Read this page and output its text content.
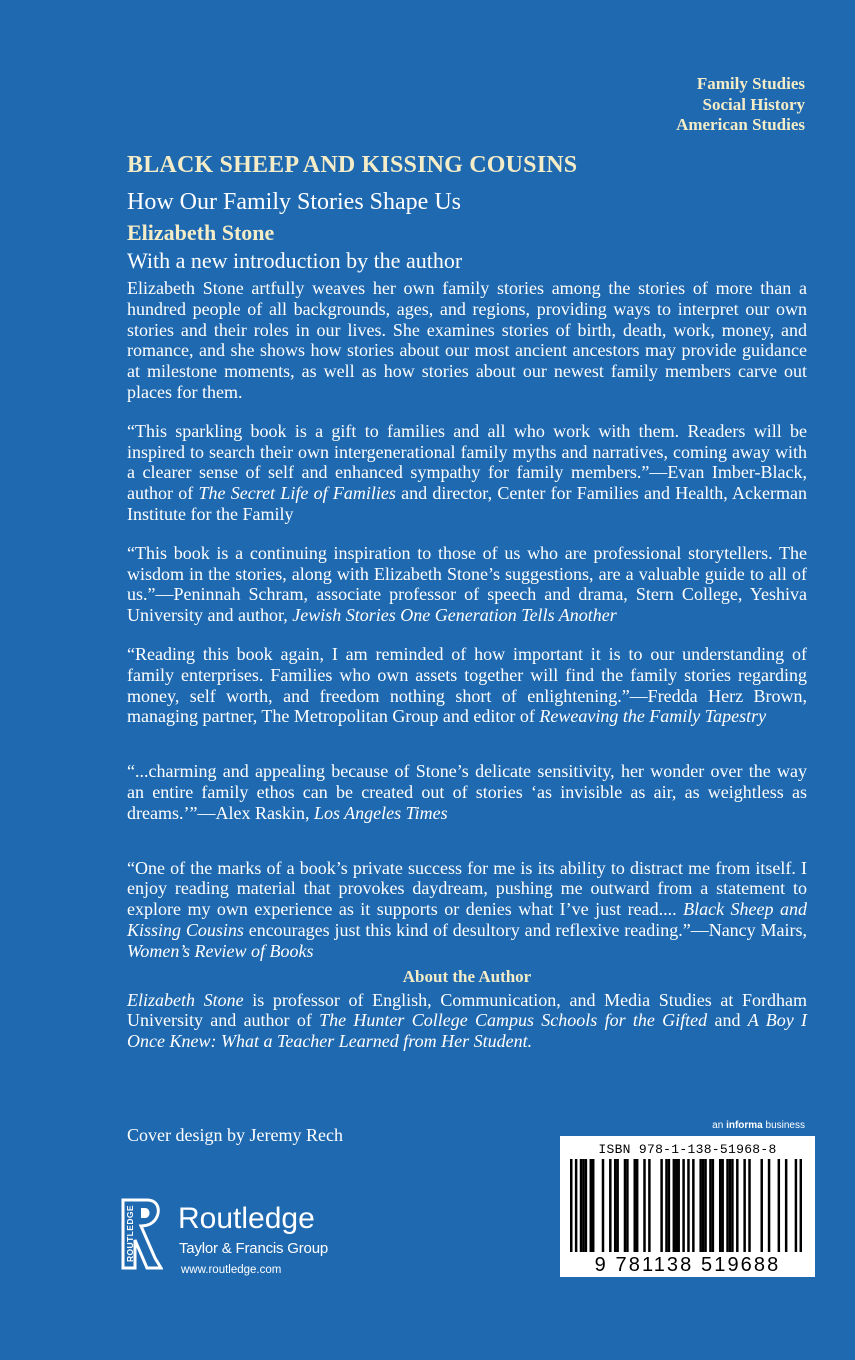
Family Studies
Social History
American Studies
BLACK SHEEP AND KISSING COUSINS
How Our Family Stories Shape Us
Elizabeth Stone
With a new introduction by the author

Elizabeth Stone artfully weaves her own family stories among the stories of more than a hundred people of all backgrounds, ages, and regions, providing ways to interpret our own stories and their roles in our lives. She examines stories of birth, death, work, money, and romance, and she shows how stories about our most ancient ancestors may provide guidance at milestone moments, as well as how stories about our newest family members carve out places for them.

“This sparkling book is a gift to families and all who work with them. Readers will be inspired to search their own intergenerational family myths and narratives, coming away with a clearer sense of self and enhanced sympathy for family members.”—Evan Imber-Black, author of The Secret Life of Families and director, Center for Families and Health, Ackerman Institute for the Family

“This book is a continuing inspiration to those of us who are professional storytellers. The wisdom in the stories, along with Elizabeth Stone’s suggestions, are a valuable guide to all of us.”—Peninnah Schram, associate professor of speech and drama, Stern College, Yeshiva University and author, Jewish Stories One Generation Tells Another

“Reading this book again, I am reminded of how important it is to our understanding of family enterprises. Families who own assets together will find the family stories regarding money, self worth, and freedom nothing short of enlightening.”—Fredda Herz Brown, managing partner, The Metropolitan Group and editor of Reweaving the Family Tapestry

“...charming and appealing because of Stone’s delicate sensitivity, her wonder over the way an entire family ethos can be created out of stories ‘as invisible as air, as weightless as dreams.’”—Alex Raskin, Los Angeles Times

“One of the marks of a book’s private success for me is its ability to distract me from itself. I enjoy reading material that provokes daydream, pushing me outward from a statement to explore my own experience as it supports or denies what I’ve just read.... Black Sheep and Kissing Cousins encourages just this kind of desultory and reflexive reading.”—Nancy Mairs, Women’s Review of Books

About the Author

Elizabeth Stone is professor of English, Communication, and Media Studies at Fordham University and author of The Hunter College Campus Schools for the Gifted and A Boy I Once Knew: What a Teacher Learned from Her Student.

Cover design by Jeremy Rech	an informa business
ROUTLEDGE Routledge
Taylor & Francis Group
www.routledge.com
ISBN 978-1-138-51968-8
9 781138 519688
